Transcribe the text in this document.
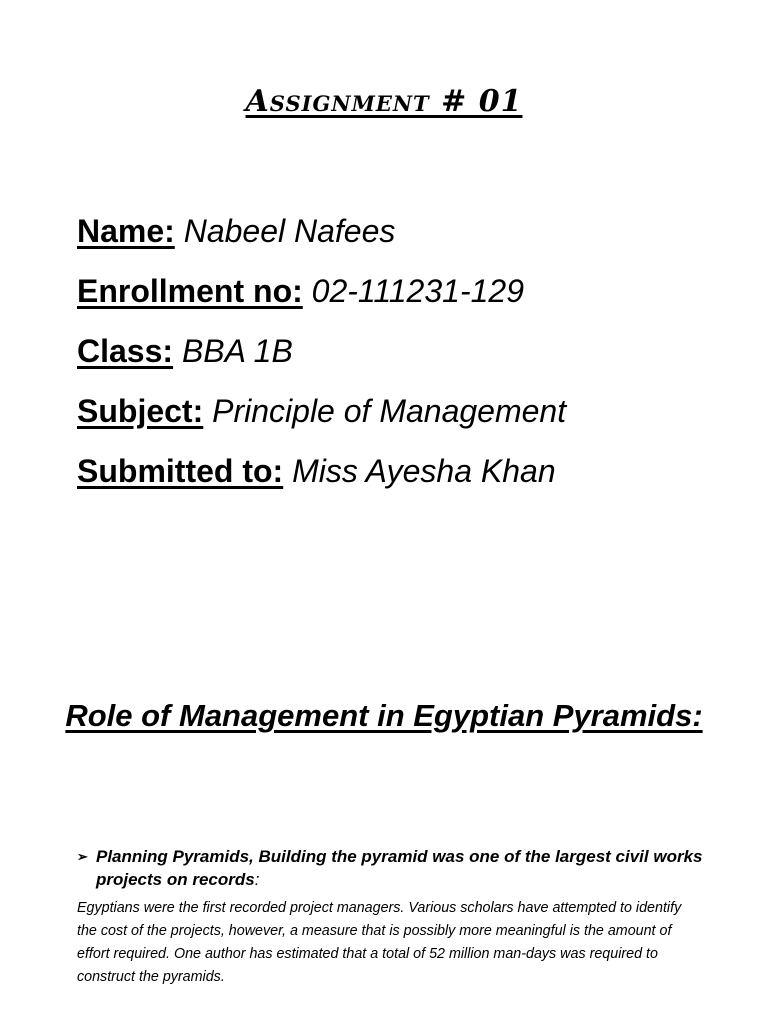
Assignment # 01
Name: Nabeel Nafees
Enrollment no: 02-111231-129
Class: BBA 1B
Subject: Principle of Management
Submitted to: Miss Ayesha Khan
Role of Management in Egyptian Pyramids:
➢ Planning Pyramids, Building the pyramid was one of the largest civil works projects on records:
Egyptians were the first recorded project managers. Various scholars have attempted to identify the cost of the projects, however, a measure that is possibly more meaningful is the amount of effort required. One author has estimated that a total of 52 million man-days was required to construct the pyramids.
